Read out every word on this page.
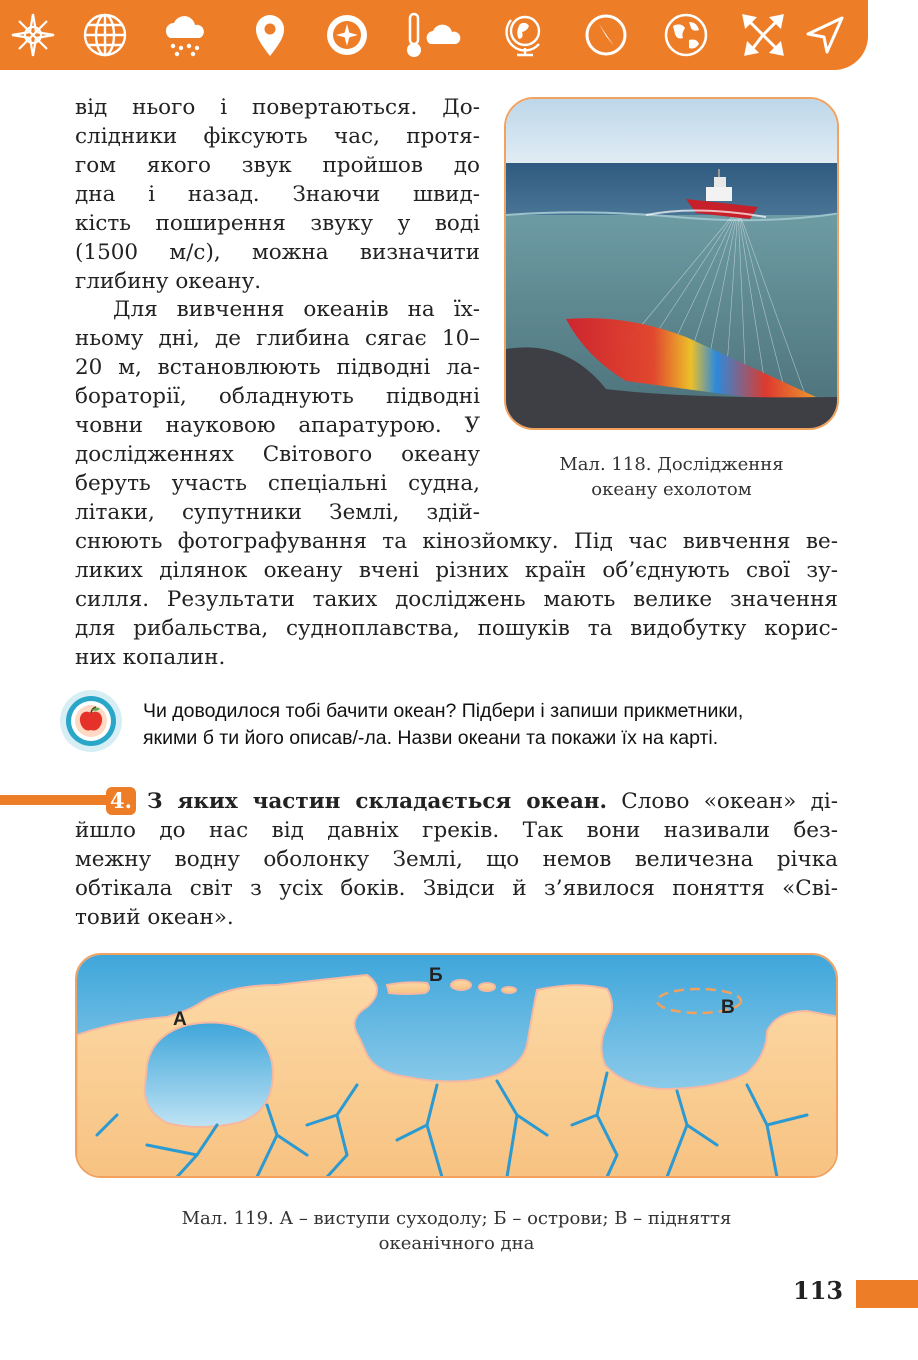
від нього і повертаються. До-
слідники фіксують час, протя-
гом якого звук пройшов до
дна і назад. Знаючи швид-
кість поширення звуку у воді
(1500 м/с), можна визначити
глибину океану.
Для вивчення океанів на їх-
ньому дні, де глибина сягає 10–
20 м, встановлюють підводні ла-
бораторії, обладнують підводні
човни науковою апаратурою. У
дослідженнях Світового океану
беруть участь спеціальні судна,
літаки, супутники Землі, здій-
снюють фотографування та кінозйомку. Під час вивчення ве-
ликих ділянок океану вчені різних країн об’єднують свої зу-
силля. Результати таких досліджень мають велике значення
для рибальства, судноплавства, пошуків та видобутку корис-
них копалин.
Мал. 118. Дослідження
океану ехолотом
Чи доводилося тобі бачити океан? Підбери і запиши прикметники,
якими б ти його описав/-ла. Назви океани та покажи їх на карті.
4. З яких частин складається океан. Слово «океан» ді-
йшло до нас від давніх греків. Так вони називали без-
межну водну оболонку Землі, що немов величезна річка
обтікала світ з усіх боків. Звідси й з’явилося поняття «Сві-
товий океан».
А
Б
В
Мал. 119. А – виступи суходолу; Б – острови; В – підняття
океанічного дна
113
